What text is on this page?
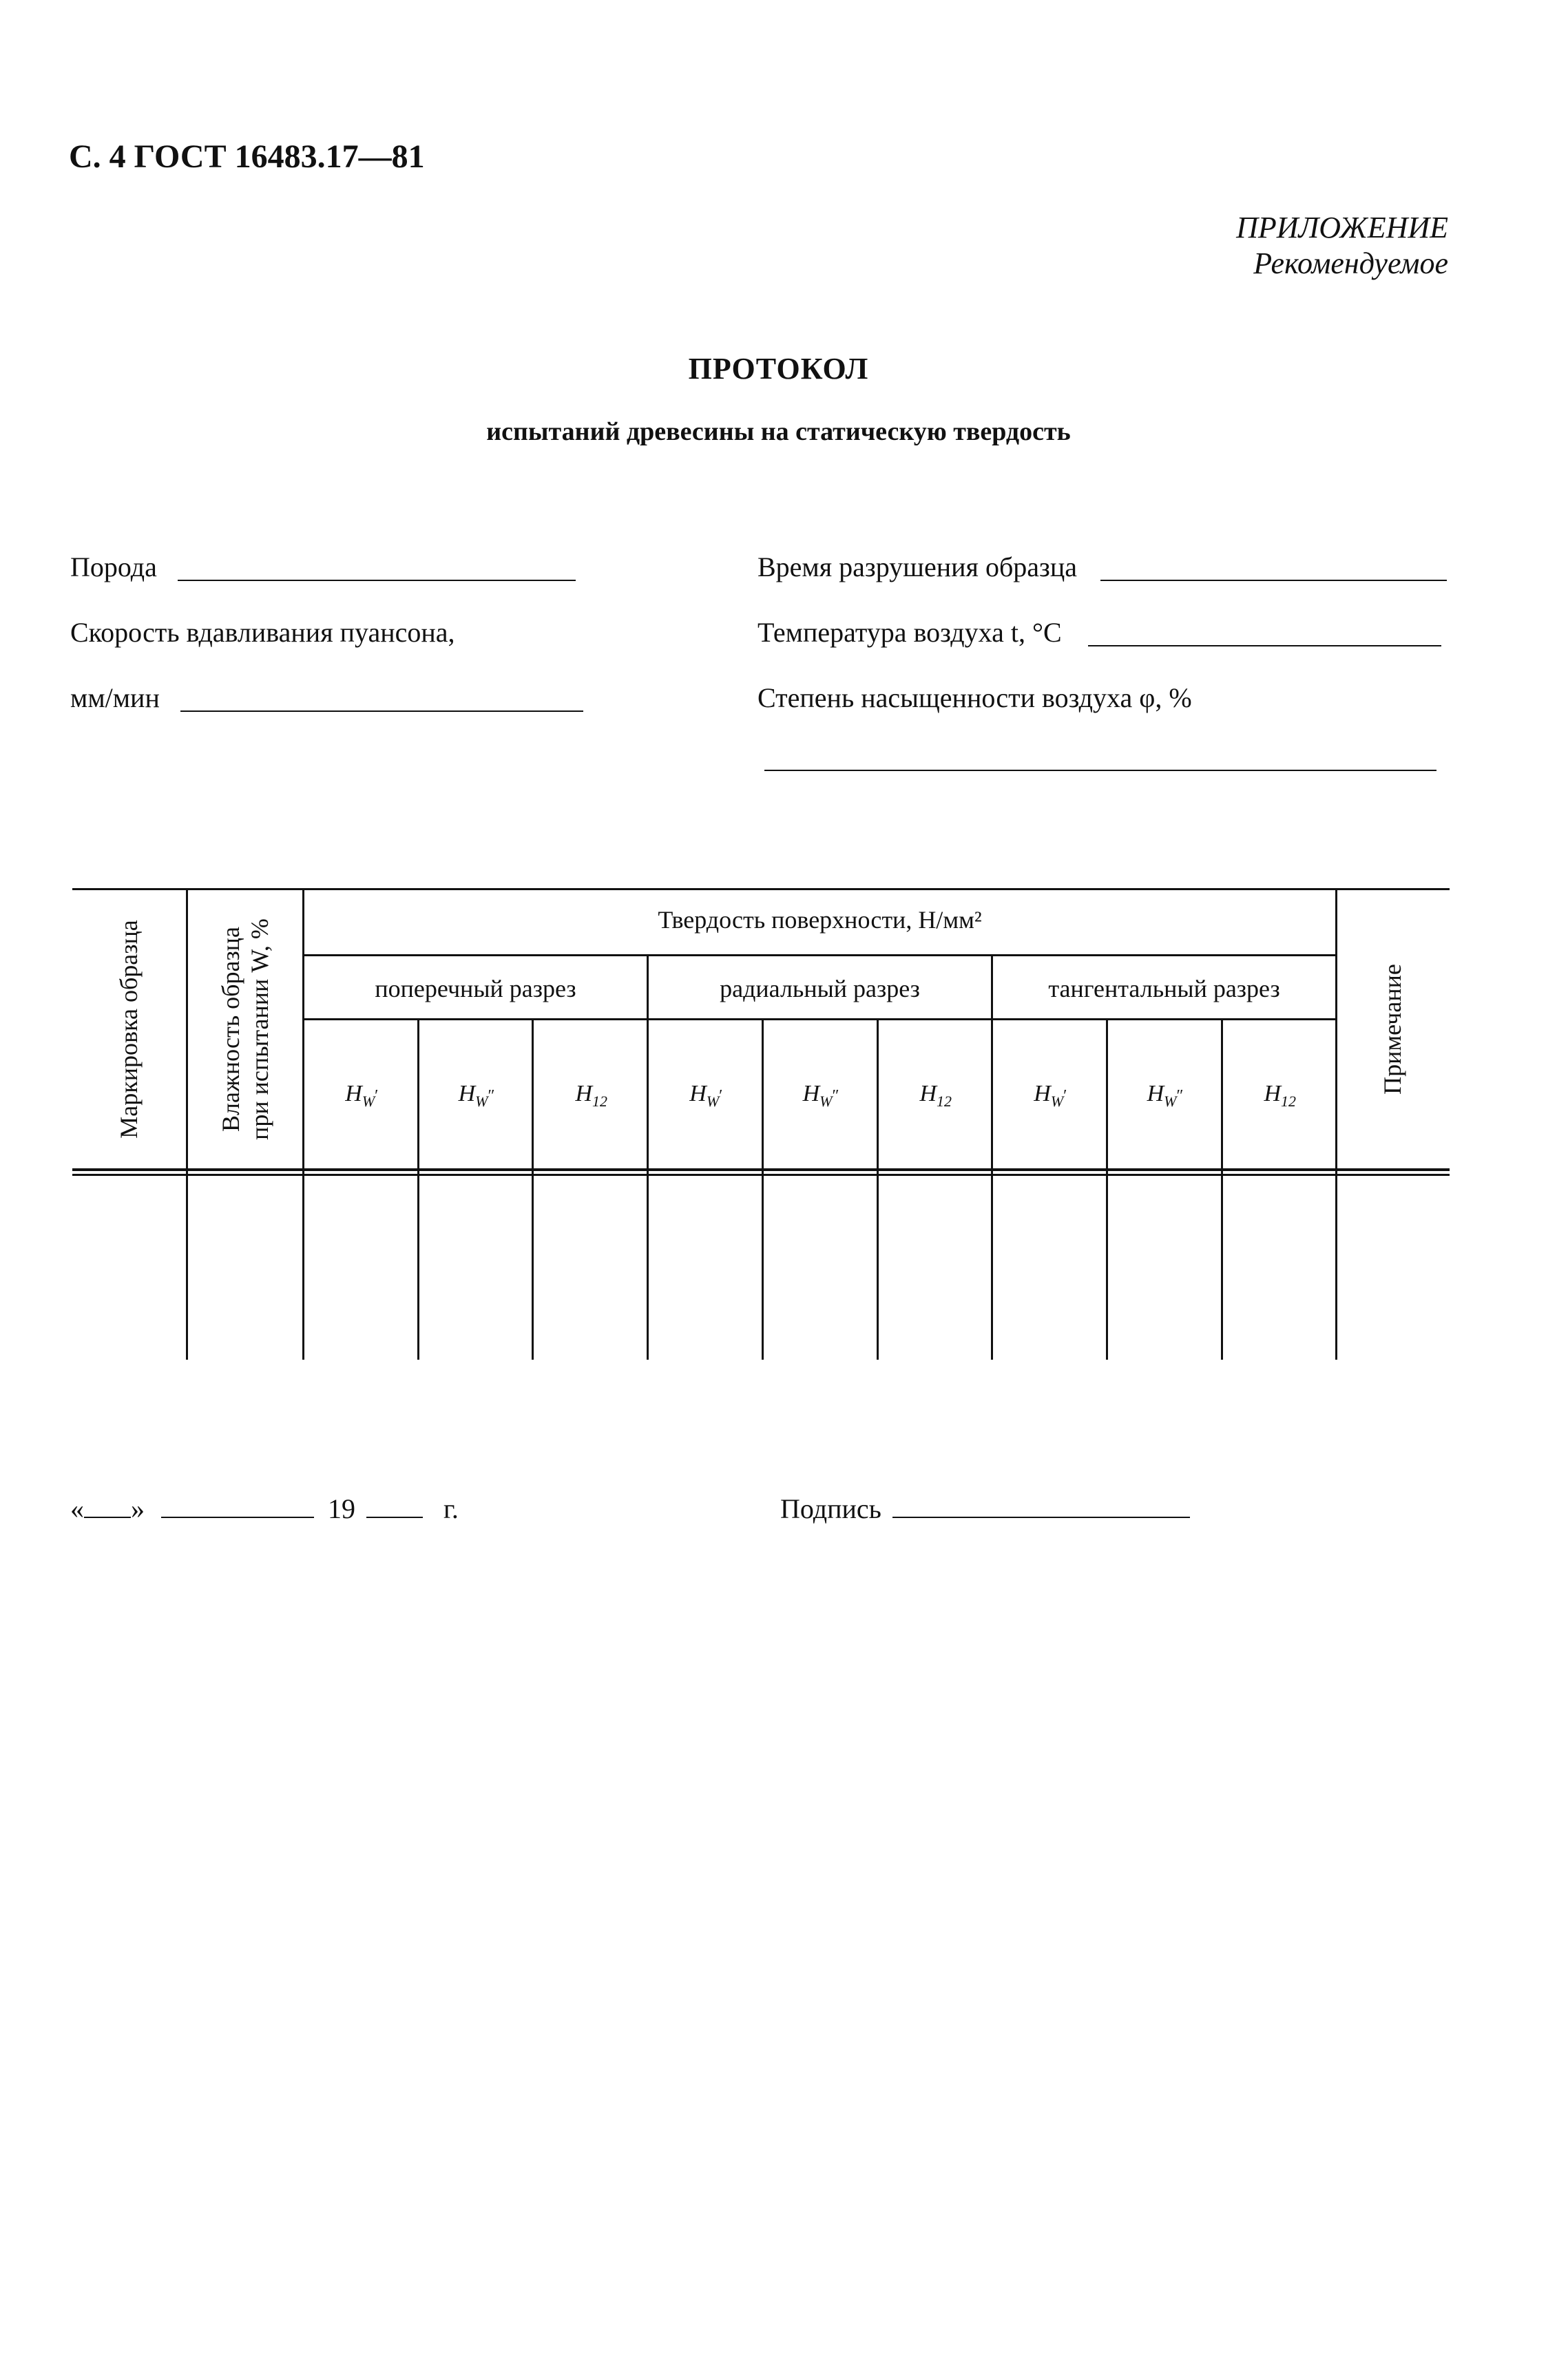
С. 4 ГОСТ 16483.17—81
ПРИЛОЖЕНИЕ
Рекомендуемое
ПРОТОКОЛ
испытаний древесины на статическую твердость
Порода
Скорость вдавливания пуансона,
мм/мин
Время разрушения образца
Температура воздуха t, °С
Степень насыщенности воздуха φ, %
Маркировка образца	Влажность образца при испытании W, %	Примечание
Твердость поверхности, Н/мм²
поперечный разрез	радиальный разрез	тангентальный разрез
$H_W'$	$H_W''$	$H_{12}$	$H_W'$	$H_W''$	$H_{12}$	$H_W'$	$H_W''$	$H_{12}$
« »	19	г.	Подпись
